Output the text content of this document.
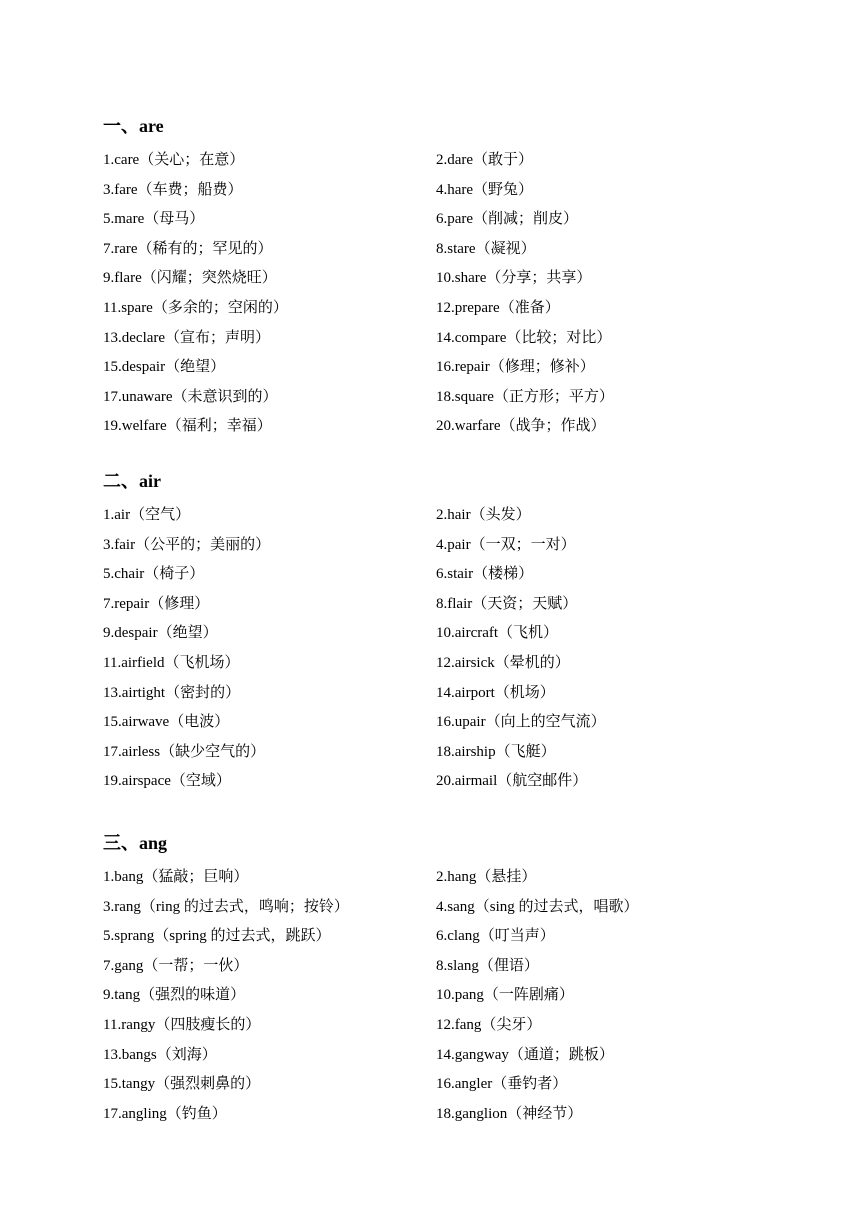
一、are
1.care（关心；在意）	2.dare（敢于）
3.fare（车费；船费）	4.hare（野兔）
5.mare（母马）	6.pare（削减；削皮）
7.rare（稀有的；罕见的）	8.stare（凝视）
9.flare（闪耀；突然烧旺）	10.share（分享；共享）
11.spare（多余的；空闲的）	12.prepare（准备）
13.declare（宣布；声明）	14.compare（比较；对比）
15.despair（绝望）	16.repair（修理；修补）
17.unaware（未意识到的）	18.square（正方形；平方）
19.welfare（福利；幸福）	20.warfare（战争；作战）
二、air
1.air（空气）	2.hair（头发）
3.fair（公平的；美丽的）	4.pair（一双；一对）
5.chair（椅子）	6.stair（楼梯）
7.repair（修理）	8.flair（天资；天赋）
9.despair（绝望）	10.aircraft（飞机）
11.airfield（飞机场）	12.airsick（晕机的）
13.airtight（密封的）	14.airport（机场）
15.airwave（电波）	16.upair（向上的空气流）
17.airless（缺少空气的）	18.airship（飞艇）
19.airspace（空域）	20.airmail（航空邮件）
三、ang
1.bang（猛敲；巨响）	2.hang（悬挂）
3.rang（ring 的过去式，鸣响；按铃）	4.sang（sing 的过去式，唱歌）
5.sprang（spring 的过去式，跳跃）	6.clang（叮当声）
7.gang（一帮；一伙）	8.slang（俚语）
9.tang（强烈的味道）	10.pang（一阵剧痛）
11.rangy（四肢瘦长的）	12.fang（尖牙）
13.bangs（刘海）	14.gangway（通道；跳板）
15.tangy（强烈刺鼻的）	16.angler（垂钓者）
17.angling（钓鱼）	18.ganglion（神经节）
